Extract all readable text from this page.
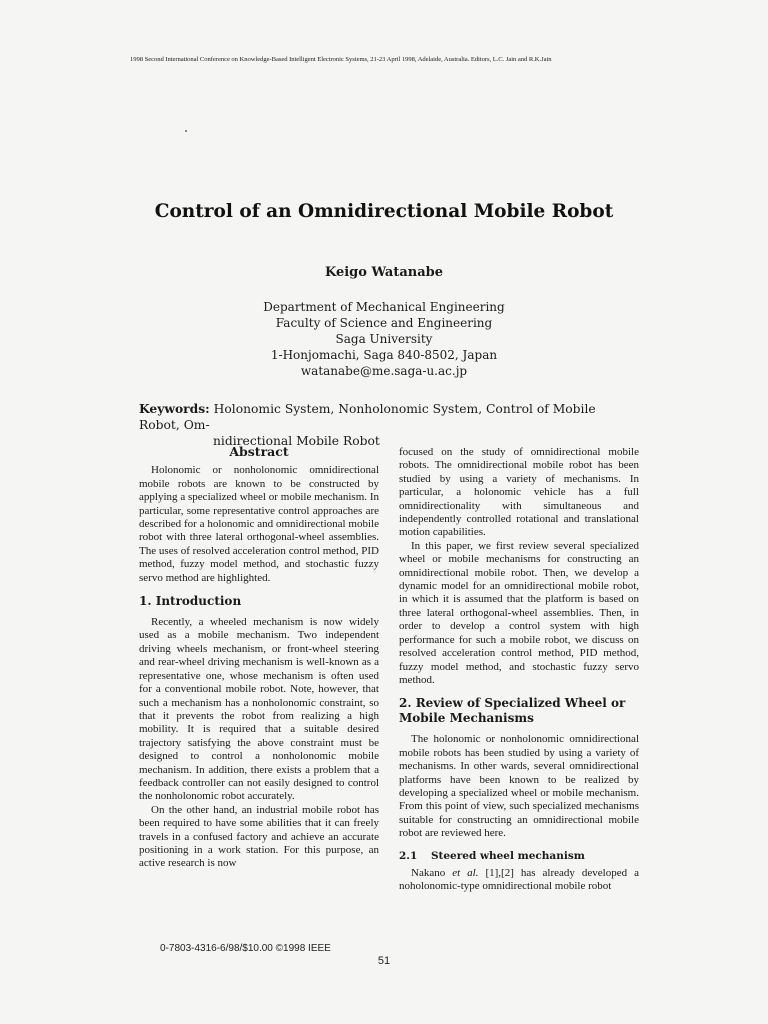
1998 Second International Conference on Knowledge-Based Intelligent Electronic Systems, 21-23 April 1998, Adelaide, Australia. Editors, L.C. Jain and R.K.Jain
Control of an Omnidirectional Mobile Robot
Keigo Watanabe
Department of Mechanical Engineering
Faculty of Science and Engineering
Saga University
1-Honjomachi, Saga 840-8502, Japan
watanabe@me.saga-u.ac.jp
Keywords: Holonomic System, Nonholonomic System, Control of Mobile Robot, Om-
nidirectional Mobile Robot
Abstract

Holonomic or nonholonomic omnidirectional mobile robots are known to be constructed by applying a specialized wheel or mobile mechanism. In particular, some representative control approaches are described for a holonomic and omnidirectional mobile robot with three lateral orthogonal-wheel assemblies. The uses of resolved acceleration control method, PID method, fuzzy model method, and stochastic fuzzy servo method are highlighted.

1. Introduction

Recently, a wheeled mechanism is now widely used as a mobile mechanism. Two independent driving wheels mechanism, or front-wheel steering and rear-wheel driving mechanism is well-known as a representative one, whose mechanism is often used for a conventional mobile robot. Note, however, that such a mechanism has a nonholonomic constraint, so that it prevents the robot from realizing a high mobility. It is required that a suitable desired trajectory satisfying the above constraint must be designed to control a nonholonomic mobile mechanism. In addition, there exists a problem that a feedback controller can not easily designed to control the nonholonomic robot accurately.

On the other hand, an industrial mobile robot has been required to have some abilities that it can freely travels in a confused factory and achieve an accurate positioning in a work station. For this purpose, an active research is now

focused on the study of omnidirectional mobile robots. The omnidirectional mobile robot has been studied by using a variety of mechanisms. In particular, a holonomic vehicle has a full omnidirectionality with simultaneous and independently controlled rotational and translational motion capabilities.

In this paper, we first review several specialized wheel or mobile mechanisms for constructing an omnidirectional mobile robot. Then, we develop a dynamic model for an omnidirectional mobile robot, in which it is assumed that the platform is based on three lateral orthogonal-wheel assemblies. Then, in order to develop a control system with high performance for such a mobile robot, we discuss on resolved acceleration control method, PID method, fuzzy model method, and stochastic fuzzy servo method.

2. Review of Specialized Wheel or Mobile Mechanisms

The holonomic or nonholonomic omnidirectional mobile robots has been studied by using a variety of mechanisms. In other wards, several omnidirectional platforms have been known to be realized by developing a specialized wheel or mobile mechanism. From this point of view, such specialized mechanisms suitable for constructing an omnidirectional mobile robot are reviewed here.

2.1 Steered wheel mechanism

Nakano et al. [1],[2] has already developed a noholonomic-type omnidirectional mobile robot

0-7803-4316-6/98/$10.00 ©1998 IEEE
51
